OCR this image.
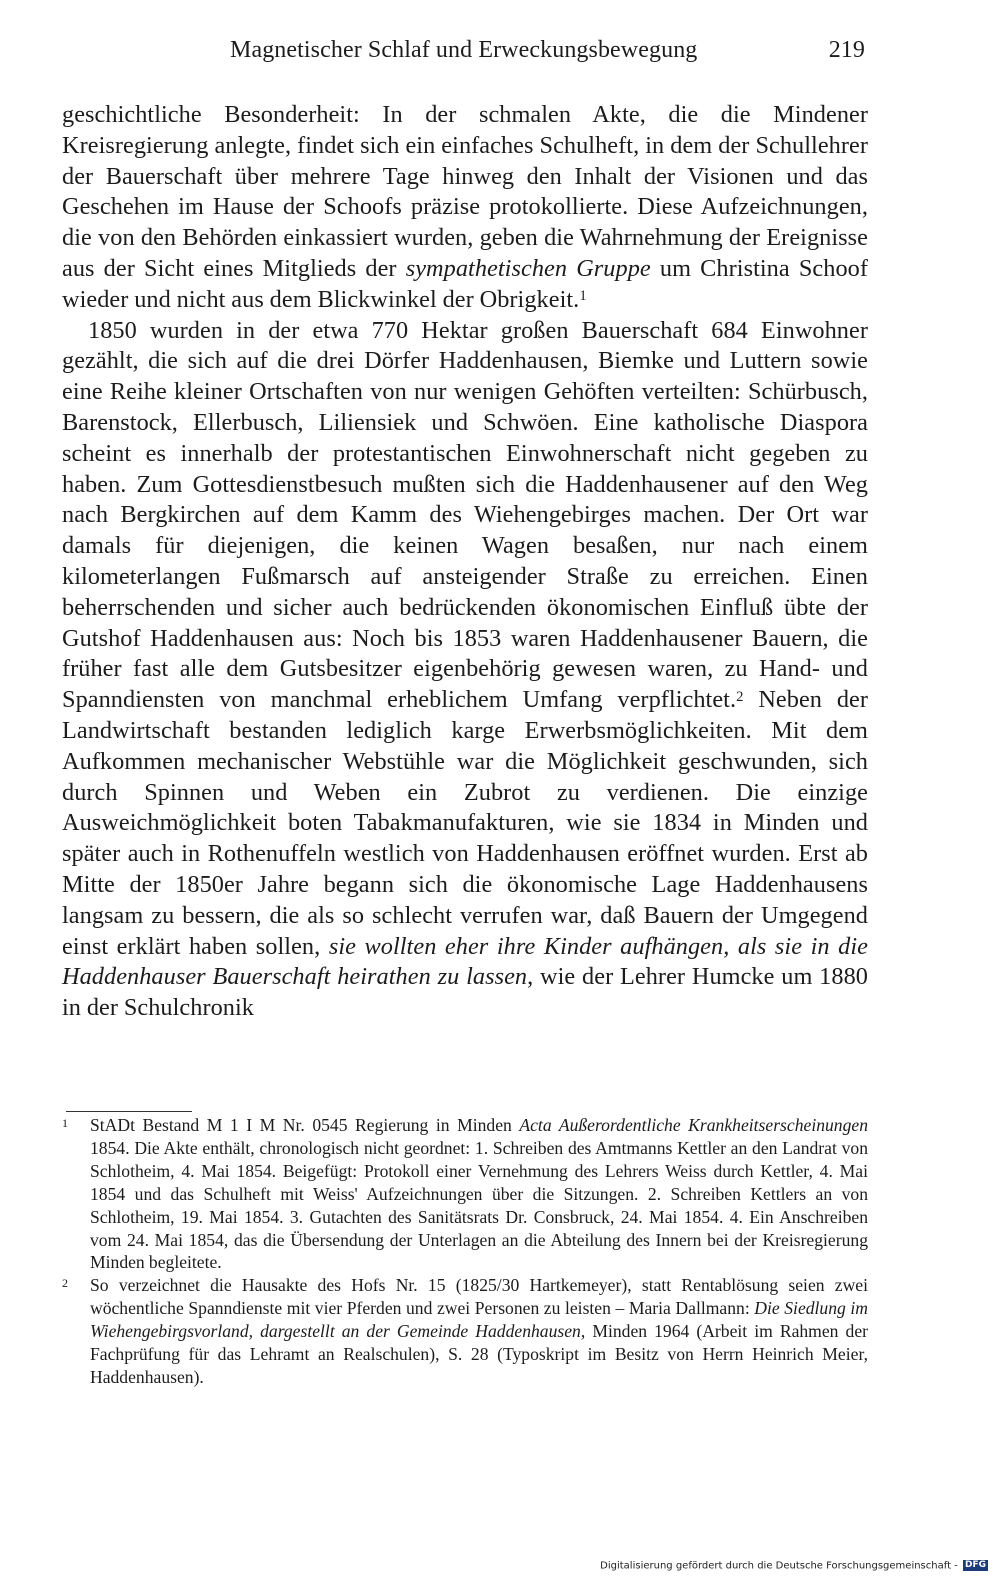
Magnetischer Schlaf und Erweckungsbewegung	219

geschichtliche Besonderheit: In der schmalen Akte, die die Mindener Kreisregierung anlegte, findet sich ein einfaches Schulheft, in dem der Schullehrer der Bauerschaft über mehrere Tage hinweg den Inhalt der Visionen und das Geschehen im Hause der Schoofs präzise protokollierte. Diese Aufzeichnungen, die von den Behörden einkassiert wurden, geben die Wahrnehmung der Ereignisse aus der Sicht eines Mitglieds der sympathetischen Gruppe um Christina Schoof wieder und nicht aus dem Blickwinkel der Obrigkeit.$^1$

1850 wurden in der etwa 770 Hektar großen Bauerschaft 684 Einwohner gezählt, die sich auf die drei Dörfer Haddenhausen, Biemke und Luttern sowie eine Reihe kleiner Ortschaften von nur wenigen Gehöften verteilten: Schürbusch, Barenstock, Ellerbusch, Liliensiek und Schwöen. Eine katholische Diaspora scheint es innerhalb der protestantischen Einwohnerschaft nicht gegeben zu haben. Zum Gottesdienstbesuch mußten sich die Haddenhausener auf den Weg nach Bergkirchen auf dem Kamm des Wiehengebirges machen. Der Ort war damals für diejenigen, die keinen Wagen besaßen, nur nach einem kilometerlangen Fußmarsch auf ansteigender Straße zu erreichen. Einen beherrschenden und sicher auch bedrückenden ökonomischen Einfluß übte der Gutshof Haddenhausen aus: Noch bis 1853 waren Haddenhausener Bauern, die früher fast alle dem Gutsbesitzer eigenbehörig gewesen waren, zu Hand- und Spanndiensten von manchmal erheblichem Umfang verpflichtet.$^2$ Neben der Landwirtschaft bestanden lediglich karge Erwerbsmöglichkeiten. Mit dem Aufkommen mechanischer Webstühle war die Möglichkeit geschwunden, sich durch Spinnen und Weben ein Zubrot zu verdienen. Die einzige Ausweichmöglichkeit boten Tabakmanufakturen, wie sie 1834 in Minden und später auch in Rothenuffeln westlich von Haddenhausen eröffnet wurden. Erst ab Mitte der 1850er Jahre begann sich die ökonomische Lage Haddenhausens langsam zu bessern, die als so schlecht verrufen war, daß Bauern der Umgegend einst erklärt haben sollen, sie wollten eher ihre Kinder aufhängen, als sie in die Haddenhauser Bauerschaft heirathen zu lassen, wie der Lehrer Humcke um 1880 in der Schulchronik

1 StADt Bestand M 1 I M Nr. 0545 Regierung in Minden Acta Außerordentliche Krankheitserscheinungen 1854. Die Akte enthält, chronologisch nicht geordnet: 1. Schreiben des Amtmanns Kettler an den Landrat von Schlotheim, 4. Mai 1854. Beigefügt: Protokoll einer Vernehmung des Lehrers Weiss durch Kettler, 4. Mai 1854 und das Schulheft mit Weiss' Aufzeichnungen über die Sitzungen. 2. Schreiben Kettlers an von Schlotheim, 19. Mai 1854. 3. Gutachten des Sanitätsrats Dr. Consbruck, 24. Mai 1854. 4. Ein Anschreiben vom 24. Mai 1854, das die Übersendung der Unterlagen an die Abteilung des Innern bei der Kreisregierung Minden begleitete.

2 So verzeichnet die Hausakte des Hofs Nr. 15 (1825/30 Hartkemeyer), statt Rentablösung seien zwei wöchentliche Spanndienste mit vier Pferden und zwei Personen zu leisten – Maria Dallmann: Die Siedlung im Wiehengebirgsvorland, dargestellt an der Gemeinde Haddenhausen, Minden 1964 (Arbeit im Rahmen der Fachprüfung für das Lehramt an Realschulen), S. 28 (Typoskript im Besitz von Herrn Heinrich Meier, Haddenhausen).

Digitalisierung gefördert durch die Deutsche Forschungsgemeinschaft - DFG
